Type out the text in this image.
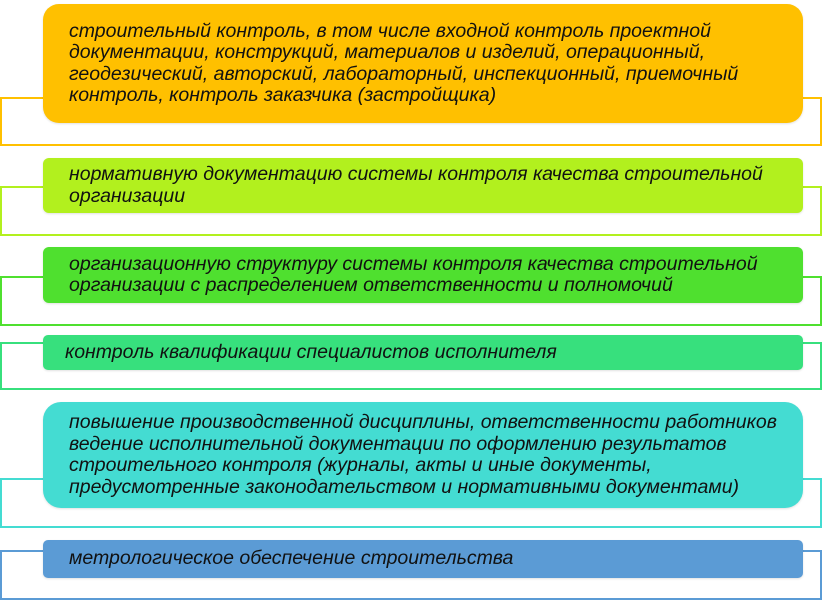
строительный контроль, в том числе входной контроль проектной документации, конструкций, материалов и изделий, операционный, геодезический, авторский, лабораторный, инспекционный, приемочный контроль, контроль заказчика (застройщика)
нормативную документацию системы контроля качества строительной организации
организационную структуру системы контроля качества строительной организации с распределением ответственности и полномочий
контроль квалификации специалистов исполнителя
повышение производственной дисциплины, ответственности работников ведение исполнительной документации по оформлению результатов строительного контроля (журналы, акты и иные документы, предусмотренные законодательством и нормативными документами)
метрологическое обеспечение строительства
